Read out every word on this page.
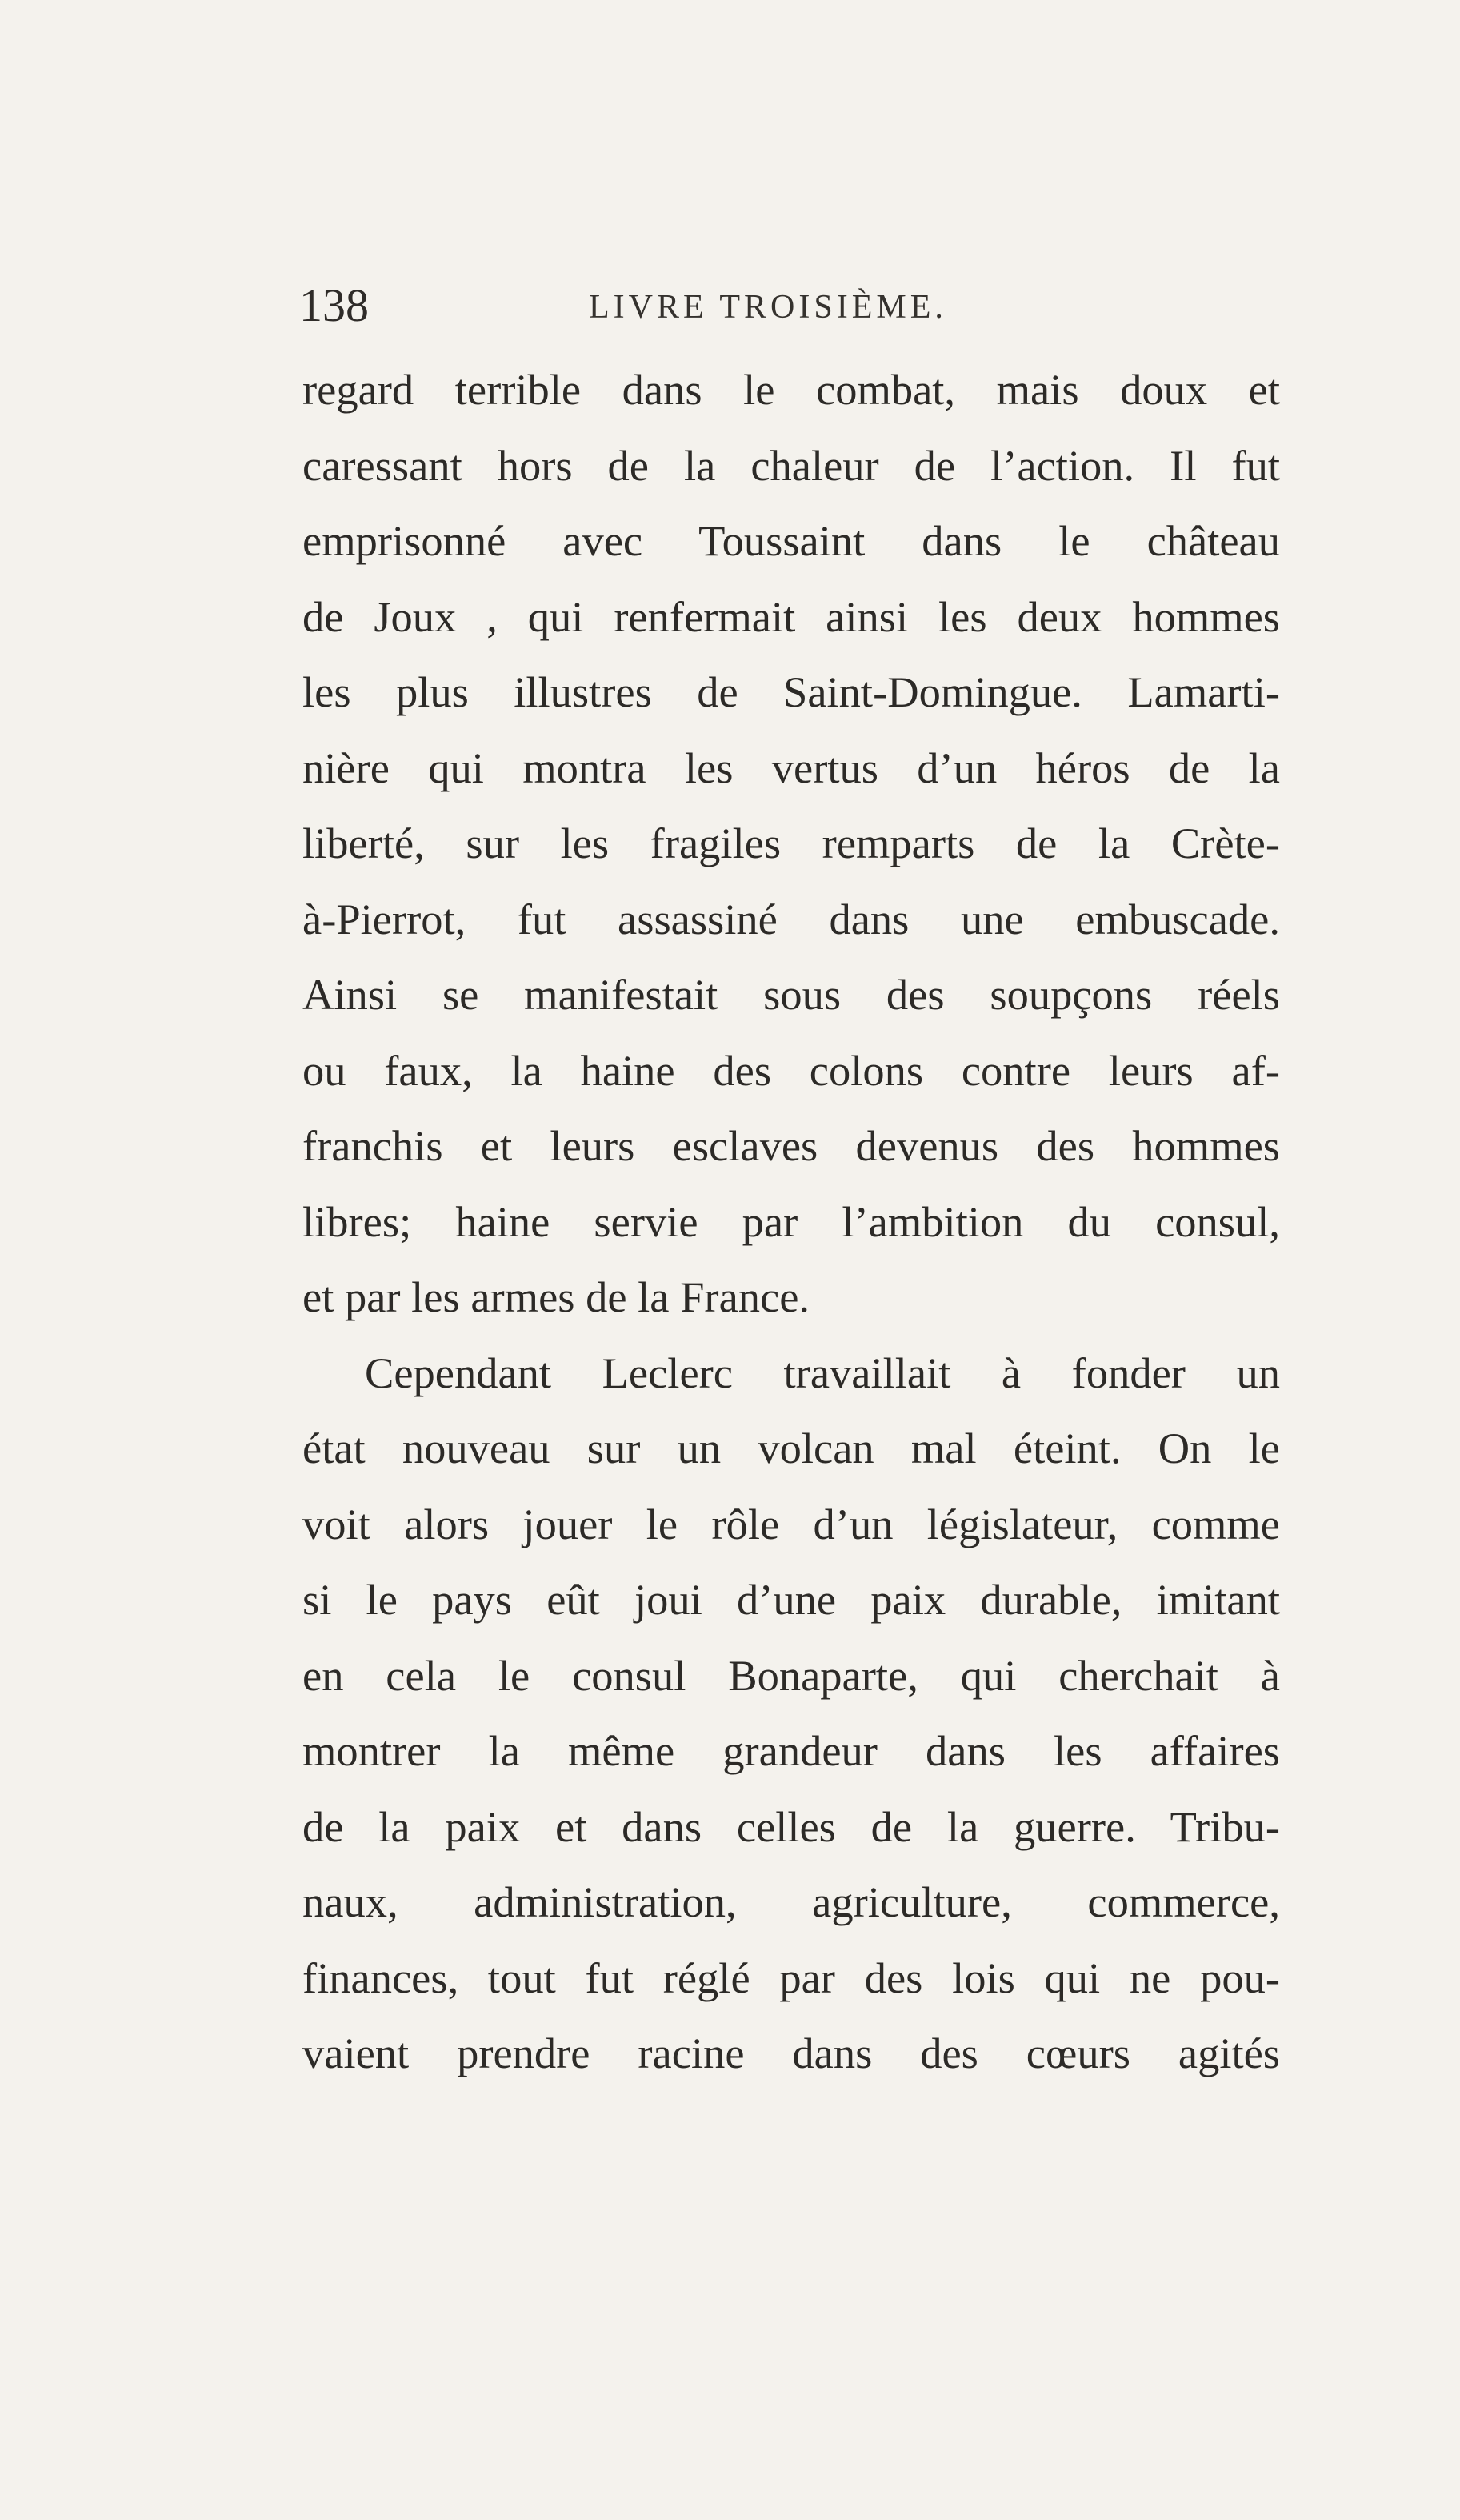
138	LIVRE TROISIÈME.
regard terrible dans le combat, mais doux et
caressant hors de la chaleur de l’action. Il fut
emprisonné avec Toussaint dans le château
de Joux , qui renfermait ainsi les deux hommes
les plus illustres de Saint-Domingue. Lamarti-
nière qui montra les vertus d’un héros de la
liberté, sur les fragiles remparts de la Crète-
à-Pierrot, fut assassiné dans une embuscade.
Ainsi se manifestait sous des soupçons réels
ou faux, la haine des colons contre leurs af-
franchis et leurs esclaves devenus des hommes
libres; haine servie par l’ambition du consul,
et par les armes de la France.
Cependant Leclerc travaillait à fonder un
état nouveau sur un volcan mal éteint. On le
voit alors jouer le rôle d’un législateur, comme
si le pays eût joui d’une paix durable, imitant
en cela le consul Bonaparte, qui cherchait à
montrer la même grandeur dans les affaires
de la paix et dans celles de la guerre. Tribu-
naux, administration, agriculture, commerce,
finances, tout fut réglé par des lois qui ne pou-
vaient prendre racine dans des cœurs agités
